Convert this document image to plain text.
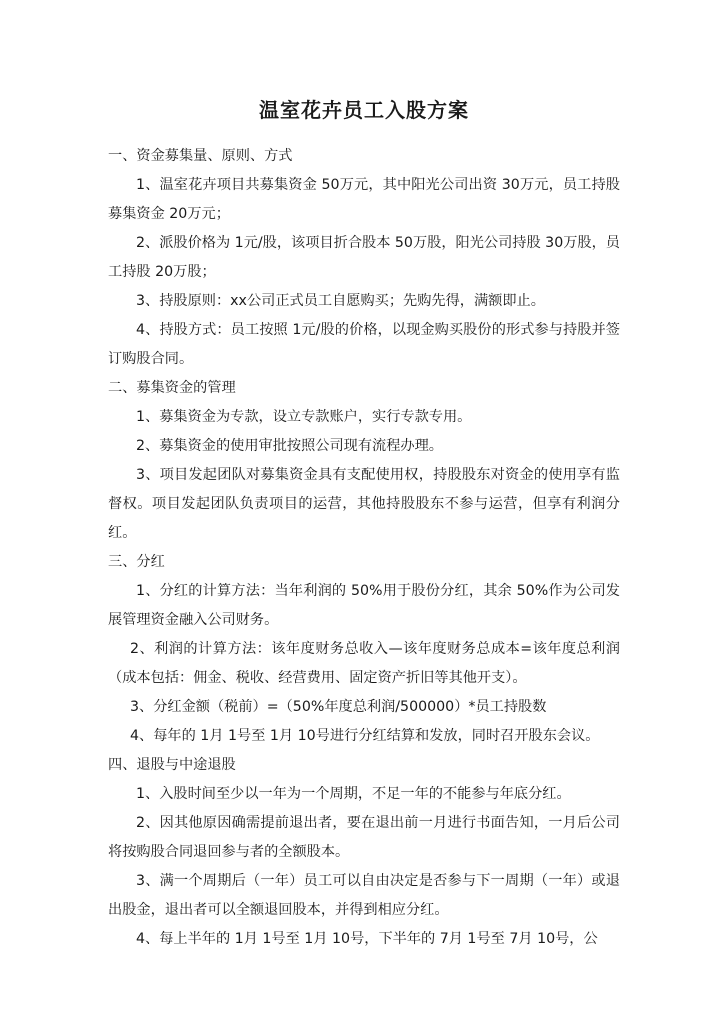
温室花卉员工入股方案

一、资金募集量、原则、方式

1、温室花卉项目共募集资金 50万元，其中阳光公司出资 30万元，员工持股募集资金 20万元；

2、派股价格为 1元/股，该项目折合股本 50万股，阳光公司持股 30万股，员工持股 20万股；

3、持股原则：xx公司正式员工自愿购买；先购先得，满额即止。

4、持股方式：员工按照 1元/股的价格，以现金购买股份的形式参与持股并签订购股合同。

二、募集资金的管理

1、募集资金为专款，设立专款账户，实行专款专用。

2、募集资金的使用审批按照公司现有流程办理。

3、项目发起团队对募集资金具有支配使用权，持股股东对资金的使用享有监督权。项目发起团队负责项目的运营，其他持股股东不参与运营，但享有利润分红。

三、分红

1、分红的计算方法：当年利润的 50%用于股份分红，其余 50%作为公司发展管理资金融入公司财务。

2、利润的计算方法：该年度财务总收入—该年度财务总成本=该年度总利润（成本包括：佣金、税收、经营费用、固定资产折旧等其他开支）。

3、分红金额（税前）=（50%年度总利润/500000）*员工持股数

4、每年的 1月 1号至 1月 10号进行分红结算和发放，同时召开股东会议。

四、退股与中途退股

1、入股时间至少以一年为一个周期，不足一年的不能参与年底分红。

2、因其他原因确需提前退出者，要在退出前一月进行书面告知，一月后公司将按购股合同退回参与者的全额股本。

3、满一个周期后（一年）员工可以自由决定是否参与下一周期（一年）或退出股金，退出者可以全额退回股本，并得到相应分红。

4、每上半年的 1月 1号至 1月 10号，下半年的 7月 1号至 7月 10号，公
